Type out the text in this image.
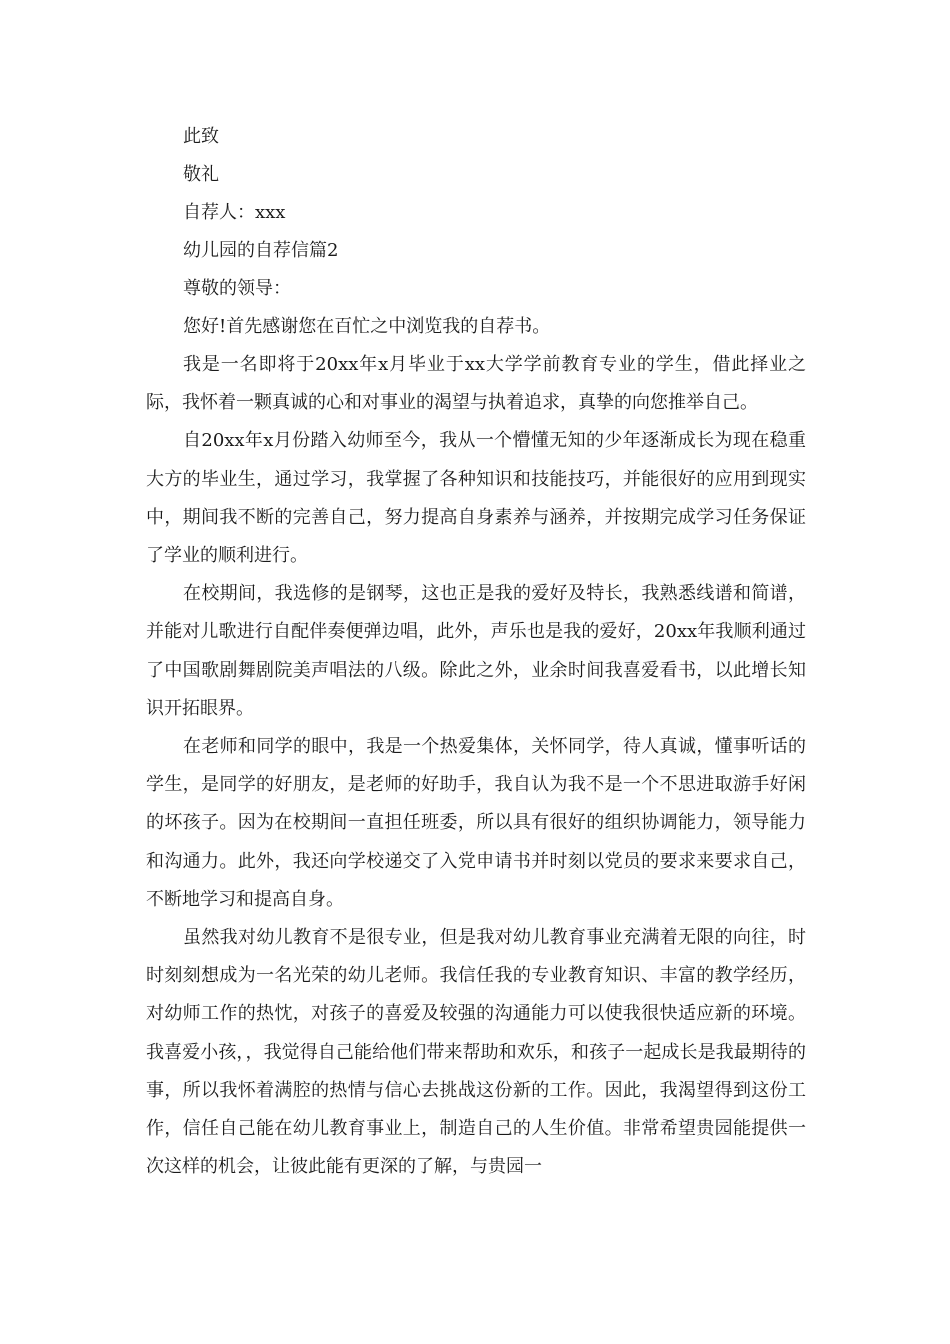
此致

敬礼

自荐人：xxx

幼儿园的自荐信篇2

尊敬的领导：

您好!首先感谢您在百忙之中浏览我的自荐书。

我是一名即将于20xx年x月毕业于xx大学学前教育专业的学生，借此择业之际，我怀着一颗真诚的心和对事业的渴望与执着追求，真挚的向您推举自己。

自20xx年x月份踏入幼师至今，我从一个懵懂无知的少年逐渐成长为现在稳重大方的毕业生，通过学习，我掌握了各种知识和技能技巧，并能很好的应用到现实中，期间我不断的完善自己，努力提高自身素养与涵养，并按期完成学习任务保证了学业的顺利进行。

在校期间，我选修的是钢琴，这也正是我的爱好及特长，我熟悉线谱和简谱，并能对儿歌进行自配伴奏便弹边唱，此外，声乐也是我的爱好，20xx年我顺利通过了中国歌剧舞剧院美声唱法的八级。除此之外，业余时间我喜爱看书，以此增长知识开拓眼界。

在老师和同学的眼中，我是一个热爱集体，关怀同学，待人真诚，懂事听话的学生，是同学的好朋友，是老师的好助手，我自认为我不是一个不思进取游手好闲的坏孩子。因为在校期间一直担任班委，所以具有很好的组织协调能力，领导能力和沟通力。此外，我还向学校递交了入党申请书并时刻以党员的要求来要求自己，不断地学习和提高自身。

虽然我对幼儿教育不是很专业，但是我对幼儿教育事业充满着无限的向往，时时刻刻想成为一名光荣的幼儿老师。我信任我的专业教育知识、丰富的教学经历，对幼师工作的热忱，对孩子的喜爱及较强的沟通能力可以使我很快适应新的环境。我喜爱小孩，，我觉得自己能给他们带来帮助和欢乐，和孩子一起成长是我最期待的事，所以我怀着满腔的热情与信心去挑战这份新的工作。因此，我渴望得到这份工作，信任自己能在幼儿教育事业上，制造自己的人生价值。非常希望贵园能提供一次这样的机会，让彼此能有更深的了解，与贵园一
